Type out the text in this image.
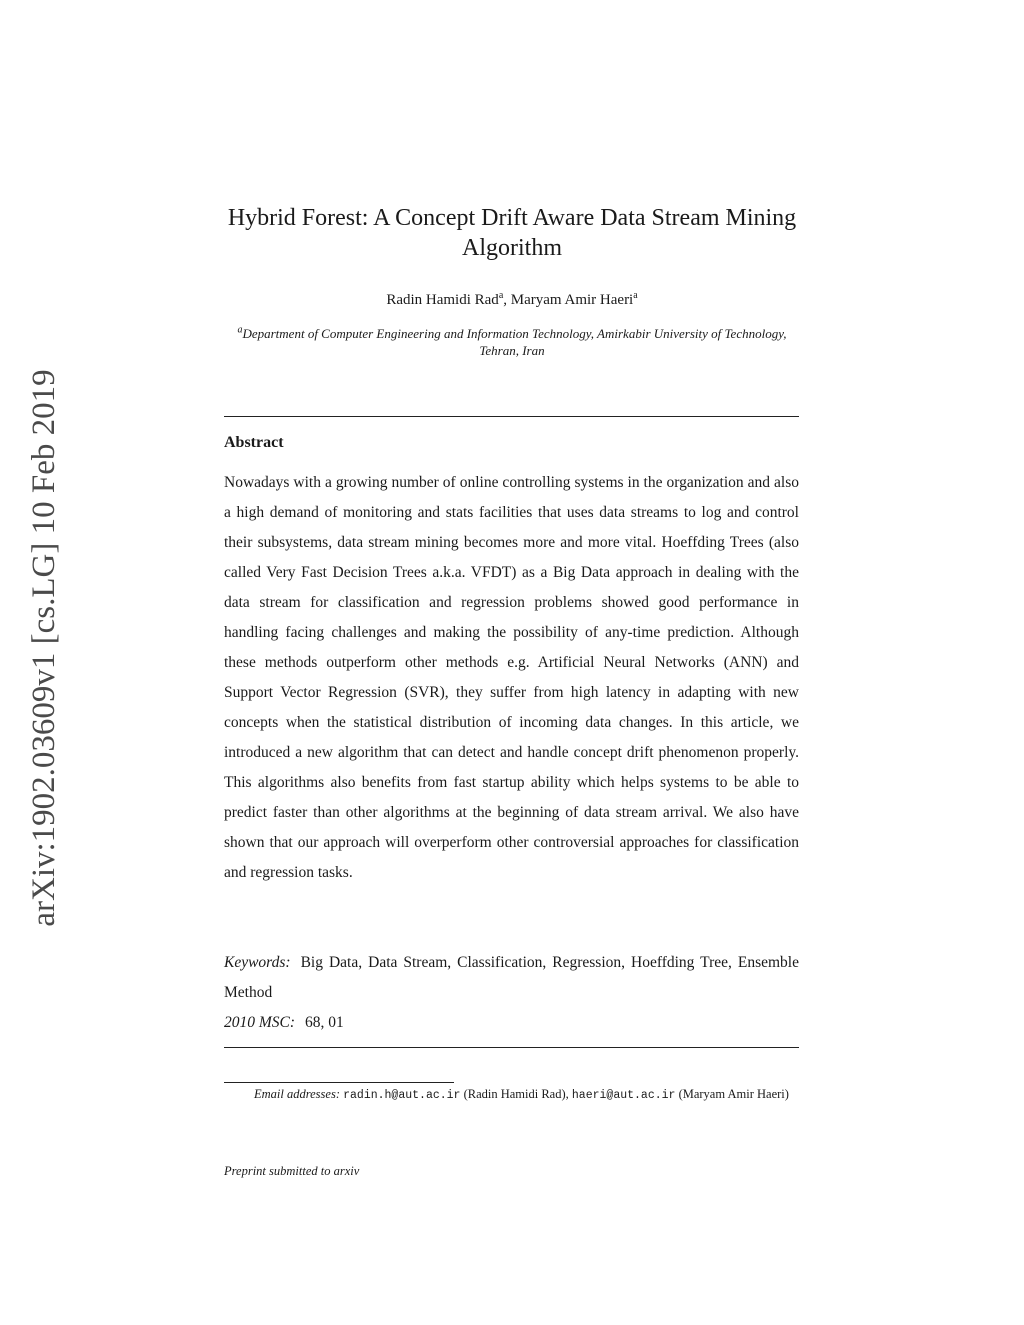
arXiv:1902.03609v1 [cs.LG] 10 Feb 2019
Hybrid Forest: A Concept Drift Aware Data Stream Mining Algorithm
Radin Hamidi Rad$^a$, Maryam Amir Haeri$^a$
$^a$Department of Computer Engineering and Information Technology, Amirkabir University of Technology, Tehran, Iran
Abstract

Nowadays with a growing number of online controlling systems in the organization and also a high demand of monitoring and stats facilities that uses data streams to log and control their subsystems, data stream mining becomes more and more vital. Hoeffding Trees (also called Very Fast Decision Trees a.k.a. VFDT) as a Big Data approach in dealing with the data stream for classification and regression problems showed good performance in handling facing challenges and making the possibility of any-time prediction. Although these methods outperform other methods e.g. Artificial Neural Networks (ANN) and Support Vector Regression (SVR), they suffer from high latency in adapting with new concepts when the statistical distribution of incoming data changes. In this article, we introduced a new algorithm that can detect and handle concept drift phenomenon properly. This algorithms also benefits from fast startup ability which helps systems to be able to predict faster than other algorithms at the beginning of data stream arrival. We also have shown that our approach will overperform other controversial approaches for classification and regression tasks.

Keywords: Big Data, Data Stream, Classification, Regression, Hoeffding Tree, Ensemble Method

2010 MSC: 68, 01

Email addresses: radin.h@aut.ac.ir (Radin Hamidi Rad), haeri@aut.ac.ir (Maryam Amir Haeri)

Preprint submitted to arxiv
